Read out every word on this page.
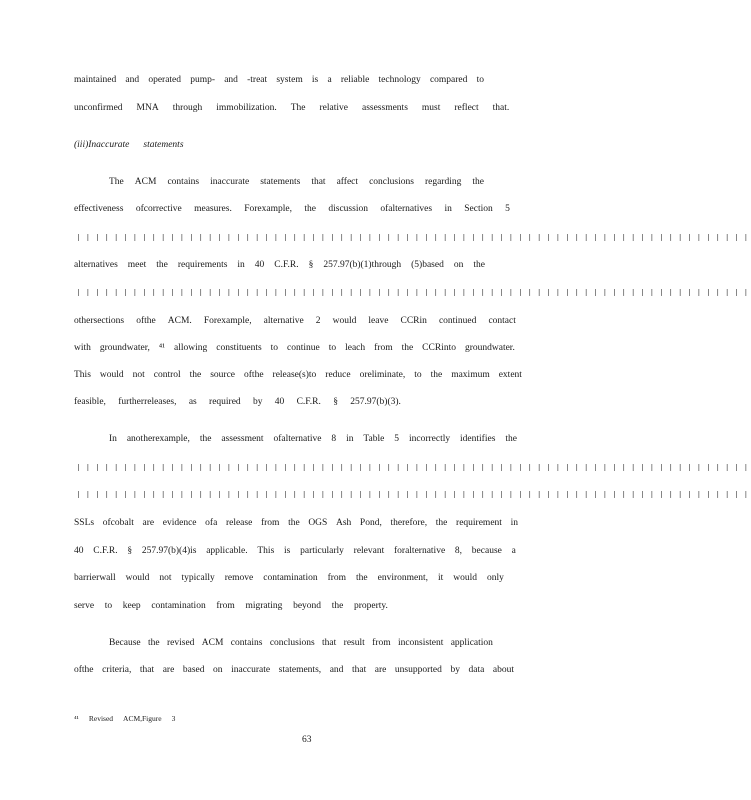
maintained and operated pump- and -treat system is a reliable technology compared to
unconfirmed MNA through immobilization. The relative assessments must reflect that.
(iii)Inaccurate statements
The ACM contains inaccurate statements that affect conclusions regarding the
effectiveness ofcorrective measures. Forexample, the discussion ofalternatives in Section 5
㆐㆐㆐㆐㆐㆐㆐㆐㆐㆐㆐㆐㆐㆐㆐㆐㆐㆐㆐㆐㆐㆐㆐㆐㆐㆐㆐㆐㆐㆐㆐㆐㆐㆐㆐㆐㆐㆐㆐㆐㆐㆐㆐㆐㆐㆐㆐㆐㆐㆐㆐㆐㆐㆐㆐㆐㆐㆐㆐㆐㆐㆐㆐㆐㆐㆐㆐㆐㆐㆐㆐㆐
alternatives meet the requirements in 40 C.F.R. § 257.97(b)(1)through (5)based on the
㆐㆐㆐㆐㆐㆐㆐㆐㆐㆐㆐㆐㆐㆐㆐㆐㆐㆐㆐㆐㆐㆐㆐㆐㆐㆐㆐㆐㆐㆐㆐㆐㆐㆐㆐㆐㆐㆐㆐㆐㆐㆐㆐㆐㆐㆐㆐㆐㆐㆐㆐㆐㆐㆐㆐㆐㆐㆐㆐㆐㆐㆐㆐㆐㆐㆐㆐㆐㆐㆐㆐㆐
othersections ofthe ACM. Forexample, alternative 2 would leave CCRin continued contact
with groundwater, ⁴¹ allowing constituents to continue to leach from the CCRinto groundwater.
This would not control the source ofthe release(s)to reduce oreliminate, to the maximum extent
feasible, furtherreleases, as required by 40 C.F.R. § 257.97(b)(3).
In anotherexample, the assessment ofalternative 8 in Table 5 incorrectly identifies the
㆐㆐㆐㆐㆐㆐㆐㆐㆐㆐㆐㆐㆐㆐㆐㆐㆐㆐㆐㆐㆐㆐㆐㆐㆐㆐㆐㆐㆐㆐㆐㆐㆐㆐㆐㆐㆐㆐㆐㆐㆐㆐㆐㆐㆐㆐㆐㆐㆐㆐㆐㆐㆐㆐㆐㆐㆐㆐㆐㆐㆐㆐㆐㆐㆐㆐㆐㆐㆐㆐㆐㆐
㆐㆐㆐㆐㆐㆐㆐㆐㆐㆐㆐㆐㆐㆐㆐㆐㆐㆐㆐㆐㆐㆐㆐㆐㆐㆐㆐㆐㆐㆐㆐㆐㆐㆐㆐㆐㆐㆐㆐㆐㆐㆐㆐㆐㆐㆐㆐㆐㆐㆐㆐㆐㆐㆐㆐㆐㆐㆐㆐㆐㆐㆐㆐㆐㆐㆐㆐㆐㆐㆐㆐㆐
SSLs ofcobalt are evidence ofa release from the OGS Ash Pond, therefore, the requirement in
40 C.F.R. § 257.97(b)(4)is applicable. This is particularly relevant foralternative 8, because a
barrierwall would not typically remove contamination from the environment, it would only
serve to keep contamination from migrating beyond the property.
Because the revised ACM contains conclusions that result from inconsistent application
ofthe criteria, that are based on inaccurate statements, and that are unsupported by data about
⁴¹ Revised ACM,Figure 3
63
